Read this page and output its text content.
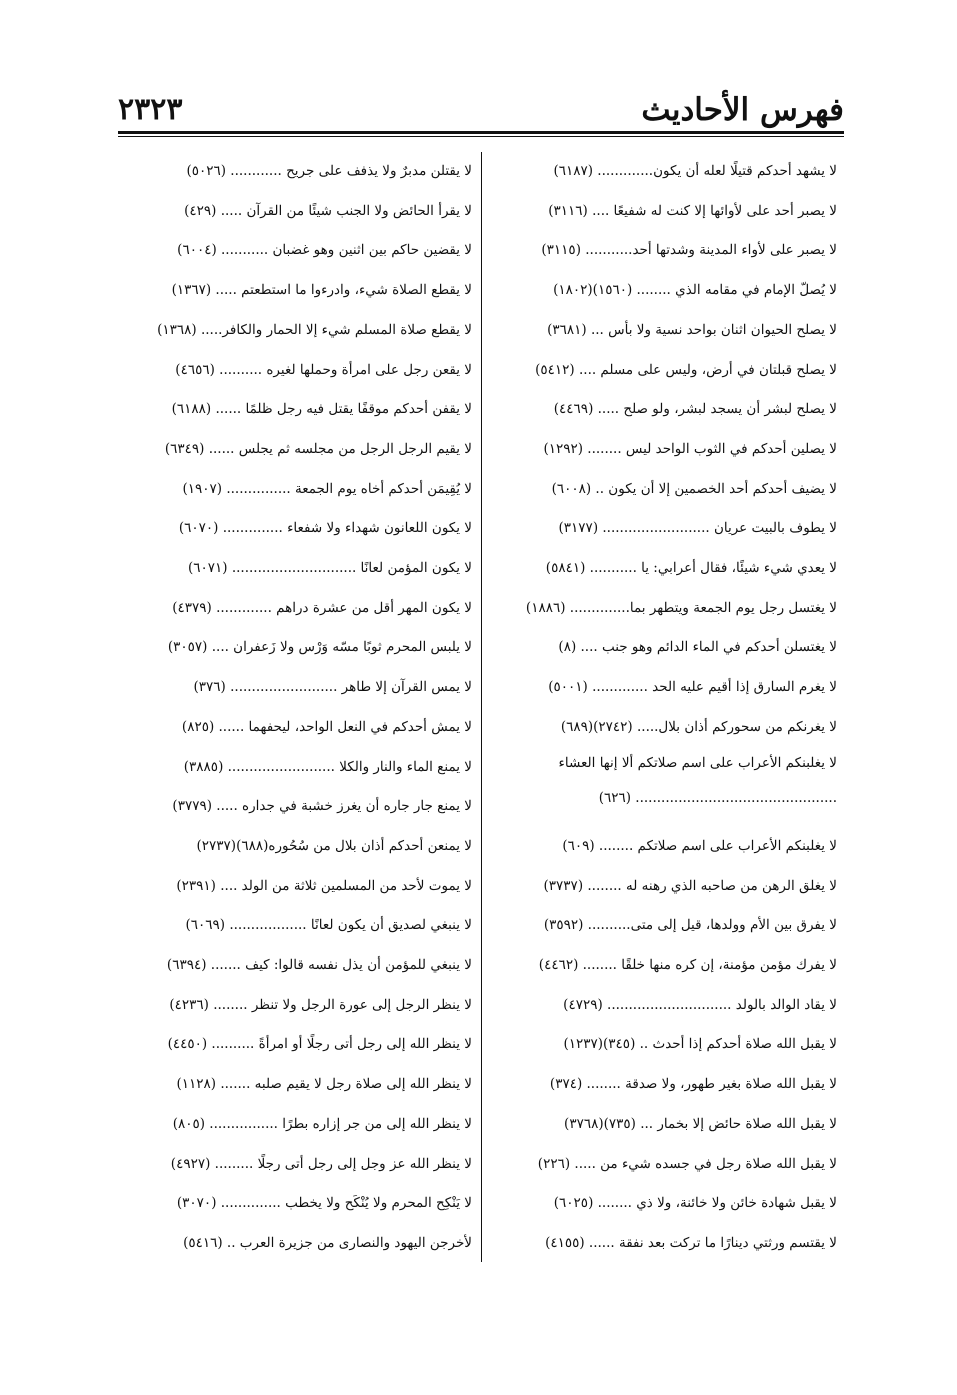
٢٣٢٣	فهرس الأحاديث
لا يشهد أحدكم قتيلًا لعله أن يكون............. (٦١٨٧)
لا يصبر أحد على لأوائها إلا كنت له شفيعًا .... (٣١١٦)
لا يصبر على لأواء المدينة وشدتها أحد........... (٣١١٥)
لا يُصلّ الإمام في مقامه الذي ........ (١٥٦٠)(١٨٠٢)
لا يصلح الحيوان اثنان بواحد نسية ولا بأس ... (٣٦٨١)
لا يصلح قبلتان في أرض، وليس على مسلم .... (٥٤١٢)
لا يصلح لبشر أن يسجد لبشر، ولو صلح ..... (٤٤٦٩)
لا يصلين أحدكم في الثوب الواحد ليس ........ (١٢٩٢)
لا يضيف أحدكم أحد الخصمين إلا أن يكون .. (٦٠٠٨)
لا يطوف بالبيت عريان ......................... (٣١٧٧)
لا يعدي شيء شيئًا، فقال أعرابي: يا ........... (٥٨٤١)
لا يغتسل رجل يوم الجمعة ويتطهر بما.............. (١٨٨٦)
لا يغتسلن أحدكم في الماء الدائم وهو جنب .... (٨)
لا يغرم السارق إذا أقيم عليه الحد ............. (٥٠٠١)
لا يغرنكم من سحوركم أذان بلال..... (٢٧٤٢)(٦٨٩)
لا يغلبنكم الأعراب على اسم صلاتكم ألا إنها العشاء
............................................... (٦٢٦)
لا يغلبنكم الأعراب على اسم صلاتكم ........ (٦٠٩)
لا يغلق الرهن من صاحبه الذي رهنه له ........ (٣٧٣٧)
لا يفرق بين الأم وولدها، قيل إلى متى.......... (٣٥٩٢)
لا يفرك مؤمن مؤمنة، إن كره منها خلقًا ........ (٤٤٦٢)
لا يقاد الوالد بالولد ............................. (٤٧٢٩)
لا يقبل الله صلاة أحدكم إذا أحدث .. (٣٤٥)(١٢٣٧)
لا يقبل الله صلاة بغير طهور، ولا صدقة ........ (٣٧٤)
لا يقبل الله صلاة حائض إلا بخمار ... (٧٣٥)(٣٧٦٨)
لا يقبل الله صلاة رجل في جسده شيء من ..... (٢٢٦)
لا يقبل شهادة خائن ولا خائنة، ولا ذي ........ (٦٠٢٥)
لا يقتسم ورثتي دينارًا ما تركت بعد نفقة ...... (٤١٥٥)
لا يقتلن مدبرٌ ولا يذفف على جريح ............ (٥٠٢٦)
لا يقرأ الحائض ولا الجنب شيئًا من القرآن ..... (٤٢٩)
لا يقضين حاكم بين اثنين وهو غضبان ........... (٦٠٠٤)
لا يقطع الصلاة شيء، وادرءوا ما استطعتم ..... (١٣٦٧)
لا يقطع صلاة المسلم شيء إلا الحمار والكافر..... (١٣٦٨)
لا يقعن رجل على امرأة وحملها لغيره .......... (٤٦٥٦)
لا يقفن أحدكم موقفًا يقتل فيه رجل ظلمًا ...... (٦١٨٨)
لا يقيم الرجل الرجل من مجلسه ثم يجلس ...... (٦٣٤٩)
لا يُقِيمَن أحدكم أخاه يوم الجمعة ............... (١٩٠٧)
لا يكون اللعانون شهداء ولا شفعاء .............. (٦٠٧٠)
لا يكون المؤمن لعانًا ............................. (٦٠٧١)
لا يكون المهر أقل من عشرة دراهم ............. (٤٣٧٩)
لا يلبس المحرم ثوبًا مسّه وَرْس ولا زَعفران .... (٣٠٥٧)
لا يمس القرآن إلا طاهر ......................... (٣٧٦)
لا يمش أحدكم في النعل الواحد، ليحفهما ...... (٨٢٥)
لا يمنع الماء والنار والكلا ......................... (٣٨٨٥)
لا يمنع جار جاره أن يغرز خشبة في جداره ..... (٣٧٧٩)
لا يمنعن أحدكم أذان بلال من سُحُوره(٦٨٨)(٢٧٣٧)
لا يموت لأحد من المسلمين ثلاثة من الولد .... (٢٣٩١)
لا ينبغي لصديق أن يكون لعانًا .................. (٦٠٦٩)
لا ينبغي للمؤمن أن يذل نفسه قالوا: كيف ....... (٦٣٩٤)
لا ينظر الرجل إلى عورة الرجل ولا تنظر ........ (٤٢٣٦)
لا ينظر الله إلى رجل أتى رجلًا أو امرأةً .......... (٤٤٥٠)
لا ينظر الله إلى صلاة رجل لا يقيم صلبه ....... (١١٢٨)
لا ينظر الله إلى من جر إزاره بطرًا ................ (٨٠٥)
لا ينظر الله عز وجل إلى رجل أتى رجلًا ......... (٤٩٢٧)
لا يَنْكِح المحرم ولا يُنْكَح ولا يخطب .............. (٣٠٧٠)
لأخرجن اليهود والنصارى من جزيرة العرب .. (٥٤١٦)
